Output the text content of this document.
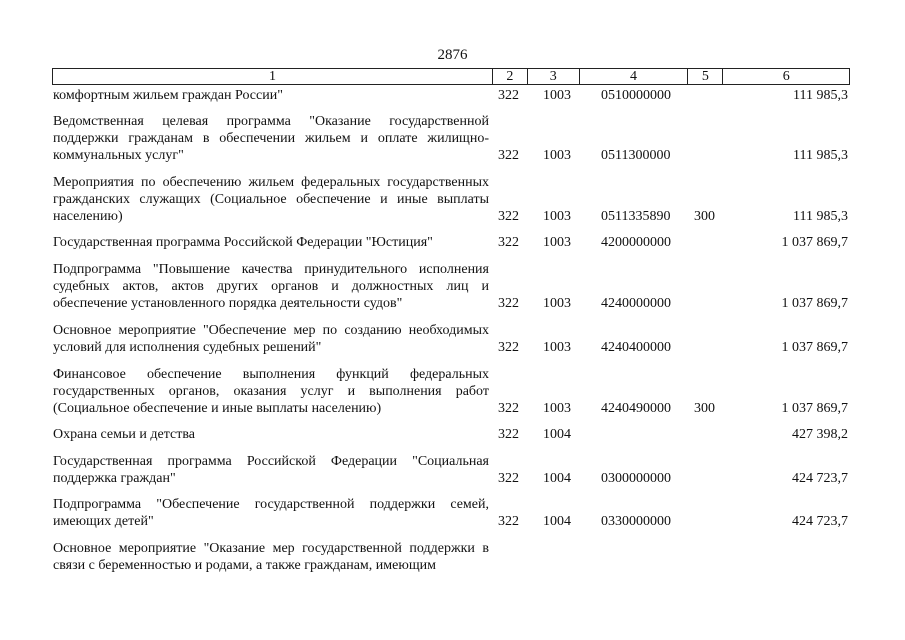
2876
1	2	3	4	5	6
комфортным жильем граждан России"	322 1003 0510000000	111 985,3
Ведомственная целевая программа "Оказание государственной поддержки гражданам в обеспечении жильем и оплате жилищно-коммунальных услуг"	322 1003 0511300000	111 985,3
Мероприятия по обеспечению жильем федеральных государственных гражданских служащих (Социальное обеспечение и иные выплаты населению)	322 1003 0511335890 300	111 985,3
Государственная программа Российской Федерации "Юстиция"	322 1003 4200000000	1 037 869,7
Подпрограмма "Повышение качества принудительного исполнения судебных актов, актов других органов и должностных лиц и обеспечение установленного порядка деятельности судов"	322 1003 4240000000	1 037 869,7
Основное мероприятие "Обеспечение мер по созданию необходимых условий для исполнения судебных решений"	322 1003 4240400000	1 037 869,7
Финансовое обеспечение выполнения функций федеральных государственных органов, оказания услуг и выполнения работ (Социальное обеспечение и иные выплаты населению)	322 1003 4240490000 300	1 037 869,7
Охрана семьи и детства	322 1004	427 398,2
Государственная программа Российской Федерации "Социальная поддержка граждан"	322 1004 0300000000	424 723,7
Подпрограмма "Обеспечение государственной поддержки семей, имеющих детей"	322 1004 0330000000	424 723,7
Основное мероприятие "Оказание мер государственной поддержки в связи с беременностью и родами, а также гражданам, имеющим
